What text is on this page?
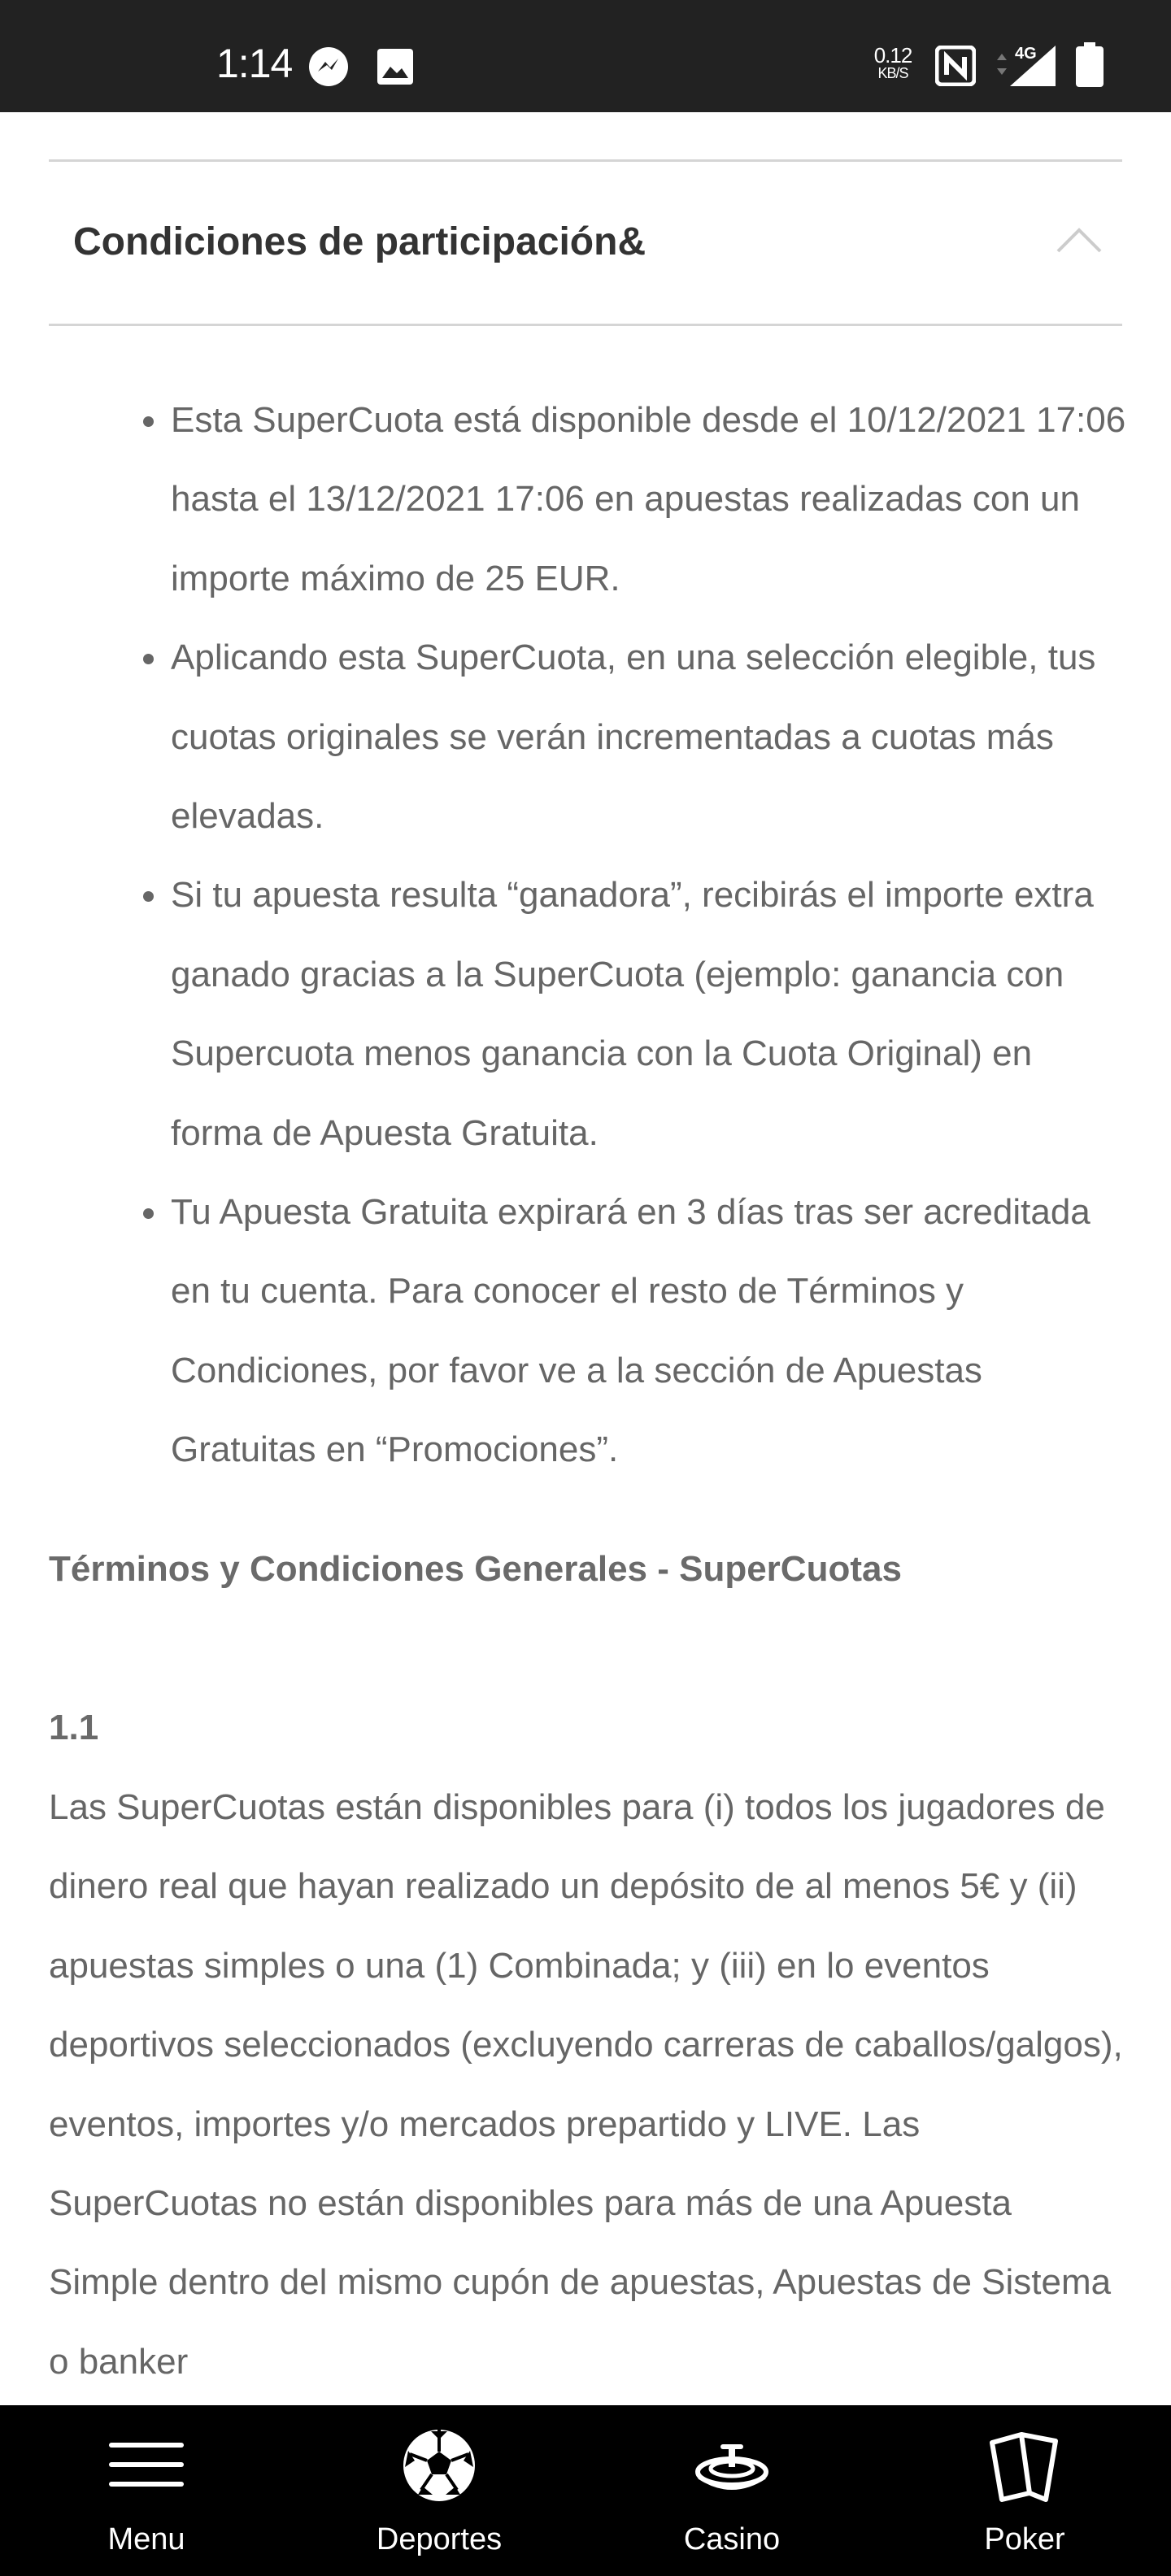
1:14	0.12
KB/S
4G
Condiciones de participación&
Esta SuperCuota está disponible desde el 10/12/2021 17:06 hasta el 13/12/2021 17:06 en apuestas realizadas con un importe máximo de 25 EUR.
Aplicando esta SuperCuota, en una selección elegible, tus cuotas originales se verán incrementadas a cuotas más elevadas.
Si tu apuesta resulta “ganadora”, recibirás el importe extra ganado gracias a la SuperCuota (ejemplo: ganancia con Supercuota menos ganancia con la Cuota Original) en forma de Apuesta Gratuita.
Tu Apuesta Gratuita expirará en 3 días tras ser acreditada en tu cuenta. Para conocer el resto de Términos y Condiciones, por favor ve a la sección de Apuestas Gratuitas en “Promociones”.
Términos y Condiciones Generales - SuperCuotas
1.1

Las SuperCuotas están disponibles para (i) todos los jugadores de dinero real que hayan realizado un depósito de al menos 5€ y (ii) apuestas simples o una (1) Combinada; y (iii) en lo eventos deportivos seleccionados (excluyendo carreras de caballos/galgos), eventos, importes y/o mercados prepartido y LIVE. Las SuperCuotas no están disponibles para más de una Apuesta Simple dentro del mismo cupón de apuestas, Apuestas de Sistema o banker

Menu	Deportes	Casino	Poker
